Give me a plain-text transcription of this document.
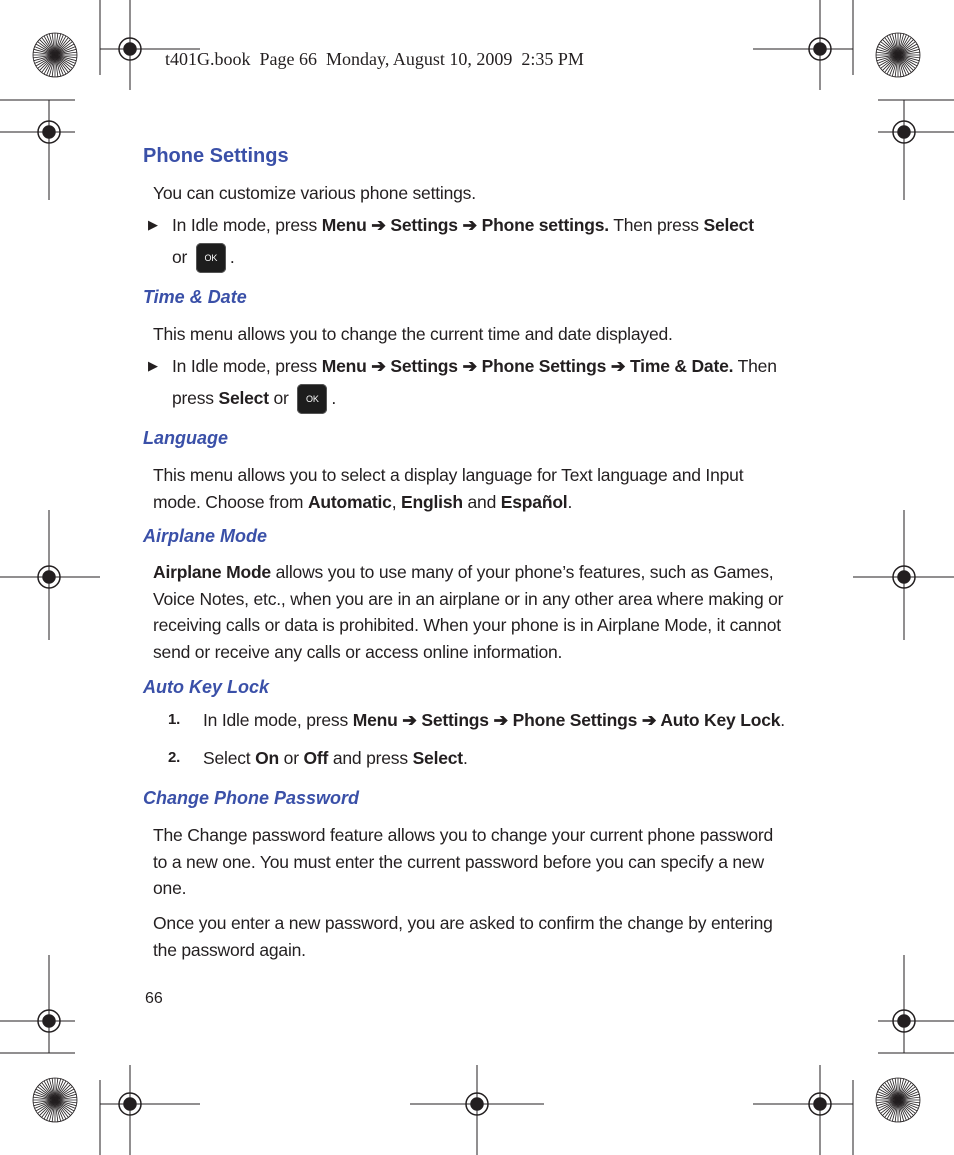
t401G.book  Page 66  Monday, August 10, 2009  2:35 PM
Phone Settings
You can customize various phone settings.
▶ In Idle mode, press Menu ➔ Settings ➔ Phone settings. Then press Select
or OK .
Time & Date
This menu allows you to change the current time and date displayed.
▶ In Idle mode, press Menu ➔ Settings ➔ Phone Settings ➔ Time & Date. Then
press Select or OK .
Language
This menu allows you to select a display language for Text language and Input
mode. Choose from Automatic, English and Español.
Airplane Mode
Airplane Mode allows you to use many of your phone’s features, such as Games,
Voice Notes, etc., when you are in an airplane or in any other area where making or
receiving calls or data is prohibited. When your phone is in Airplane Mode, it cannot
send or receive any calls or access online information.
Auto Key Lock
1. In Idle mode, press Menu ➔ Settings ➔ Phone Settings ➔ Auto Key Lock.
2. Select On or Off and press Select.
Change Phone Password
The Change password feature allows you to change your current phone password
to a new one. You must enter the current password before you can specify a new
one.
Once you enter a new password, you are asked to confirm the change by entering
the password again.
66
